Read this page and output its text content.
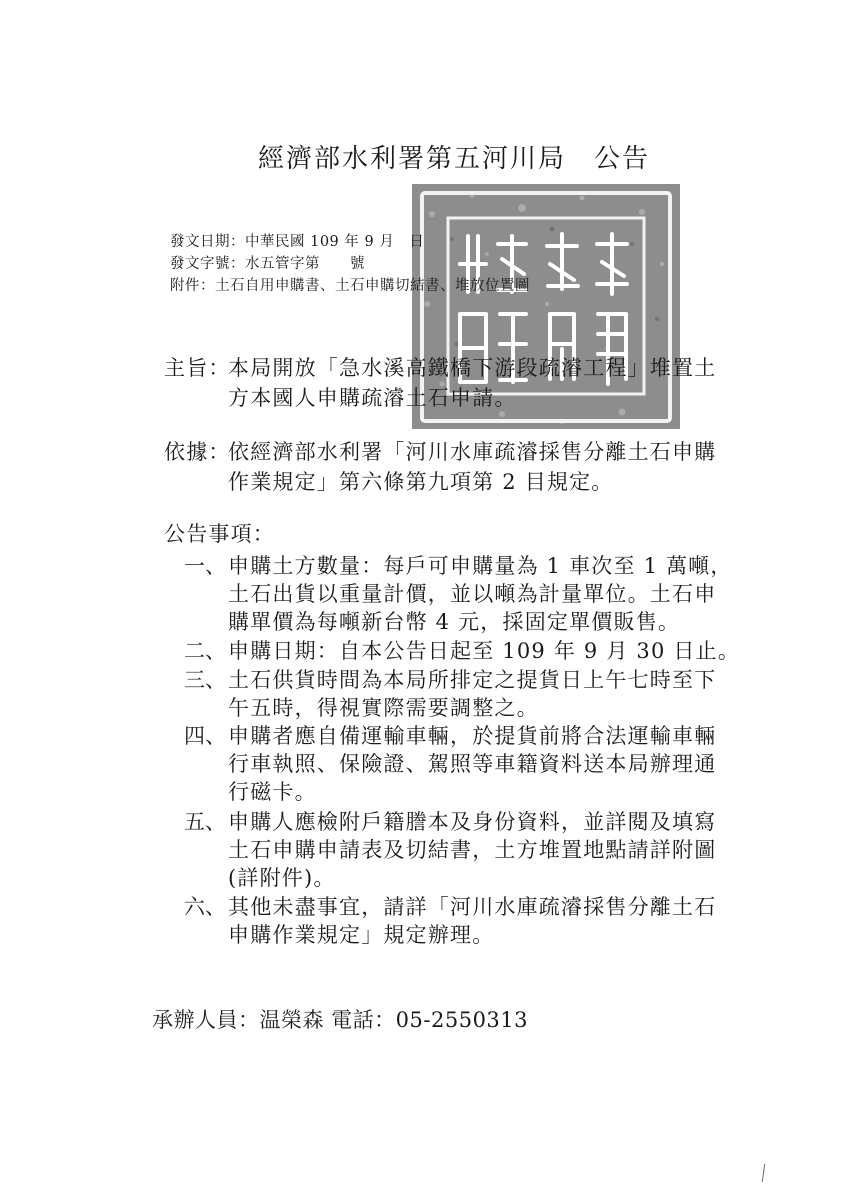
經濟部水利署第五河川局　公告
發文日期：中華民國 109 年 9 月　日
發文字號：水五管字第　　號
附件：土石自用申購書、土石申購切結書、堆放位置圖
主旨：
本局開放「急水溪高鐵橋下游段疏濬工程」堆置土
方本國人申購疏濬土石申請。
依據：
依經濟部水利署「河川水庫疏濬採售分離土石申購
作業規定」第六條第九項第 2 目規定。
公告事項：
一、 申購土方數量：每戶可申購量為 1 車次至 1 萬噸，
土石出貨以重量計價，並以噸為計量單位。土石申
購單價為每噸新台幣 4 元，採固定單價販售。
二、 申購日期：自本公告日起至 109 年 9 月 30 日止。
三、 土石供貨時間為本局所排定之提貨日上午七時至下
午五時，得視實際需要調整之。
四、 申購者應自備運輸車輛，於提貨前將合法運輸車輛
行車執照、保險證、駕照等車籍資料送本局辦理通
行磁卡。
五、 申購人應檢附戶籍謄本及身份資料，並詳閱及填寫
土石申購申請表及切結書，土方堆置地點請詳附圖
(詳附件)。
六、 其他未盡事宜，請詳「河川水庫疏濬採售分離土石
申購作業規定」規定辦理。
承辦人員：温榮森 電話：05-2550313
